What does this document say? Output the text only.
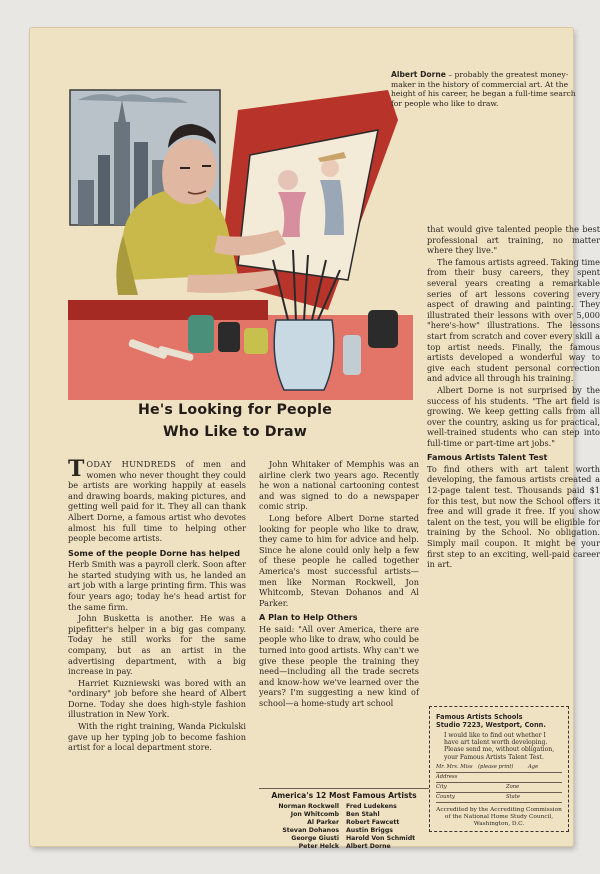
Albert Dorne – probably the greatest money-maker in the history of commercial art. At the height of his career, he began a full-time search for people who like to draw.

He's Looking for People
Who Like to Draw

TODAY HUNDREDS of men and women who never thought they could be artists are working happily at easels and drawing boards, making pictures, and getting well paid for it. They all can thank Albert Dorne, a famous artist who devotes almost his full time to helping other people become artists.

Some of the people Dorne has helped

Herb Smith was a payroll clerk. Soon after he started studying with us, he landed an art job with a large printing firm. This was four years ago; today he's head artist for the same firm.

John Busketta is another. He was a pipefitter's helper in a big gas company. Today he still works for the same company, but as an artist in the advertising department, with a big increase in pay.

Harriet Kuzniewski was bored with an "ordinary" job before she heard of Albert Dorne. Today she does high-style fashion illustration in New York.

With the right training, Wanda Pickulski gave up her typing job to become fashion artist for a local department store.

John Whitaker of Memphis was an airline clerk two years ago. Recently he won a national cartooning contest and was signed to do a newspaper comic strip.

Long before Albert Dorne started looking for people who like to draw, they came to him for advice and help. Since he alone could only help a few of these people he called together America's most successful artists—men like Norman Rockwell, Jon Whitcomb, Stevan Dohanos and Al Parker.

A Plan to Help Others

He said: "All over America, there are people who like to draw, who could be turned into good artists. Why can't we give these people the training they need—including all the trade secrets and know-how we've learned over the years? I'm suggesting a new kind of school—a home-study art school

America's 12 Most Famous Artists
Norman Rockwell	Fred Ludekens
Jon Whitcomb	Ben Stahl
Al Parker	Robert Fawcett
Stevan Dohanos	Austin Briggs
George Giusti	Harold Von Schmidt
Peter Helck	Albert Dorne

that would give talented people the best professional art training, no matter where they live."

The famous artists agreed. Taking time from their busy careers, they spent several years creating a remarkable series of art lessons covering every aspect of drawing and painting. They illustrated their lessons with over 5,000 "here's-how" illustrations. The lessons start from scratch and cover every skill a top artist needs. Finally, the famous artists developed a wonderful way to give each student personal correction and advice all through his training.

Albert Dorne is not surprised by the success of his students. "The art field is growing. We keep getting calls from all over the country, asking us for practical, well-trained students who can step into full-time or part-time art jobs."

Famous Artists Talent Test

To find others with art talent worth developing, the famous artists created a 12-page talent test. Thousands paid $1 for this test, but now the School offers it free and will grade it free. If you show talent on the test, you will be eligible for training by the School. No obligation. Simply mail coupon. It might be your first step to an exciting, well-paid career in art.

Famous Artists Schools

Studio 7223, Westport, Conn.

I would like to find out whether I have art talent worth developing. Please send me, without obligation, your Famous Artists Talent Test.
Mr. Mrs. Miss (please print)	Age
Address
City	Zone
County	State
Accredited by the Accrediting Commission of the National Home Study Council, Washington, D.C.
